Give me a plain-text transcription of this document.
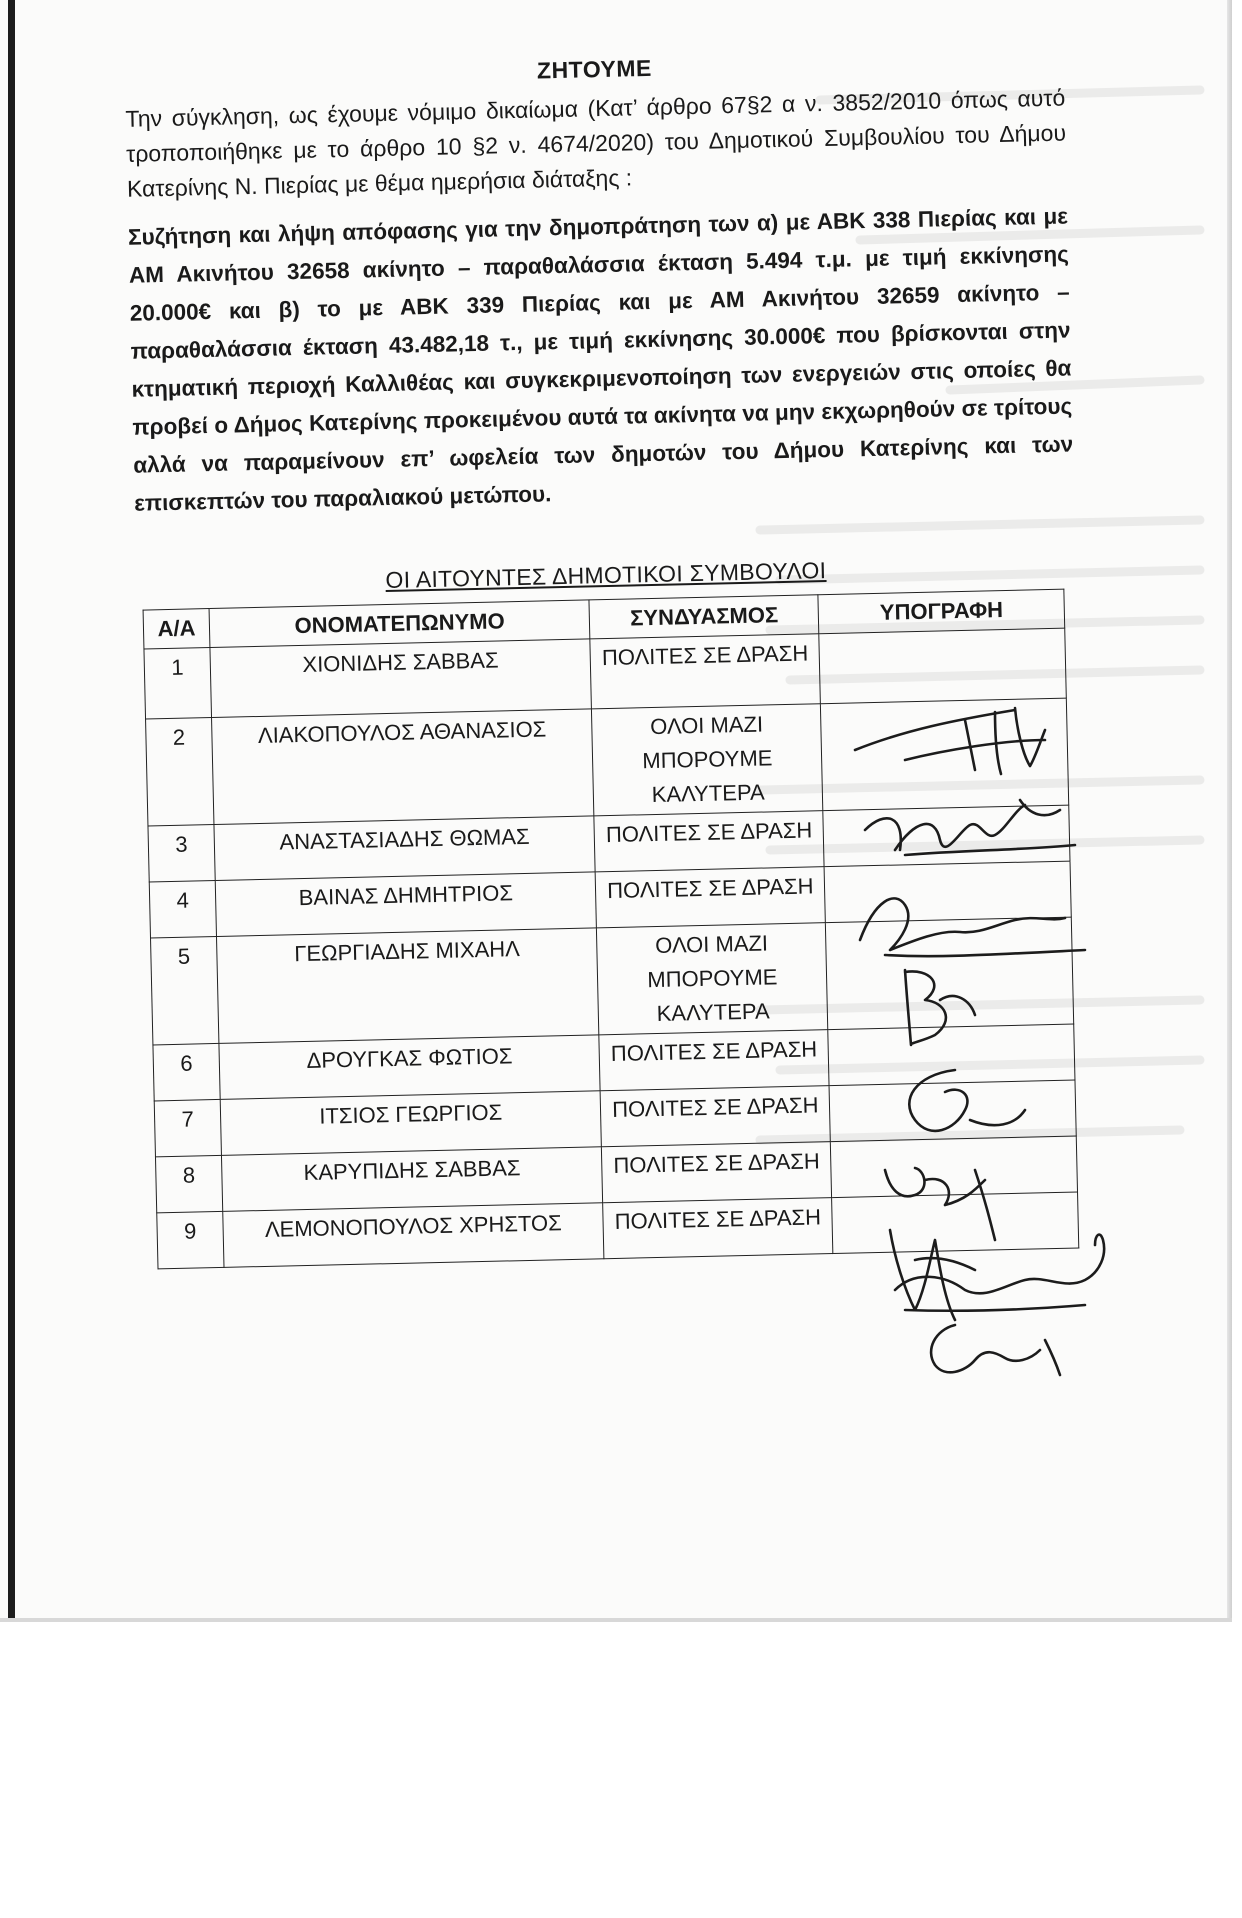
ΖΗΤΟΥΜΕ

Την σύγκληση, ως έχουμε νόμιμο δικαίωμα (Κατ’ άρθρο 67§2 α ν. 3852/2010 όπως αυτό τροποποιήθηκε με το άρθρο 10 §2 ν. 4674/2020) του Δημοτικού Συμβουλίου του Δήμου Κατερίνης Ν. Πιερίας με θέμα ημερήσια διάταξης :

Συζήτηση και λήψη απόφασης για την δημοπράτηση των α) με ΑΒΚ 338 Πιερίας και με ΑΜ Ακινήτου 32658 ακίνητο – παραθαλάσσια έκταση 5.494 τ.μ. με τιμή εκκίνησης 20.000€ και β) το με ΑΒΚ 339 Πιερίας και με ΑΜ Ακινήτου 32659 ακίνητο – παραθαλάσσια έκταση 43.482,18 τ., με τιμή εκκίνησης 30.000€ που βρίσκονται στην κτηματική περιοχή Καλλιθέας και συγκεκριμενοποίηση των ενεργειών στις οποίες θα προβεί ο Δήμος Κατερίνης προκειμένου αυτά τα ακίνητα να μην εκχωρηθούν σε τρίτους αλλά να παραμείνουν επ’ ωφελεία των δημοτών του Δήμου Κατερίνης και των επισκεπτών του παραλιακού μετώπου.

ΟΙ ΑΙΤΟΥΝΤΕΣ ΔΗΜΟΤΙΚΟΙ ΣΥΜΒΟΥΛΟΙ
Α/Α	ΟΝΟΜΑΤΕΠΩΝΥΜΟ	ΣΥΝΔΥΑΣΜΟΣ	ΥΠΟΓΡΑΦΗ
1	ΧΙΟΝΙΔΗΣ ΣΑΒΒΑΣ	ΠΟΛΙΤΕΣ ΣΕ ΔΡΑΣΗ	
2	ΛΙΑΚΟΠΟΥΛΟΣ ΑΘΑΝΑΣΙΟΣ	ΟΛΟΙ ΜΑΖΙ ΜΠΟΡΟΥΜΕ ΚΑΛΥΤΕΡΑ	
3	ΑΝΑΣΤΑΣΙΑΔΗΣ ΘΩΜΑΣ	ΠΟΛΙΤΕΣ ΣΕ ΔΡΑΣΗ	
4	ΒΑΙΝΑΣ ΔΗΜΗΤΡΙΟΣ	ΠΟΛΙΤΕΣ ΣΕ ΔΡΑΣΗ	
5	ΓΕΩΡΓΙΑΔΗΣ ΜΙΧΑΗΛ	ΟΛΟΙ ΜΑΖΙ ΜΠΟΡΟΥΜΕ ΚΑΛΥΤΕΡΑ	
6	ΔΡΟΥΓΚΑΣ ΦΩΤΙΟΣ	ΠΟΛΙΤΕΣ ΣΕ ΔΡΑΣΗ	
7	ΙΤΣΙΟΣ ΓΕΩΡΓΙΟΣ	ΠΟΛΙΤΕΣ ΣΕ ΔΡΑΣΗ	
8	ΚΑΡΥΠΙΔΗΣ ΣΑΒΒΑΣ	ΠΟΛΙΤΕΣ ΣΕ ΔΡΑΣΗ	
9	ΛΕΜΟΝΟΠΟΥΛΟΣ ΧΡΗΣΤΟΣ	ΠΟΛΙΤΕΣ ΣΕ ΔΡΑΣΗ	
